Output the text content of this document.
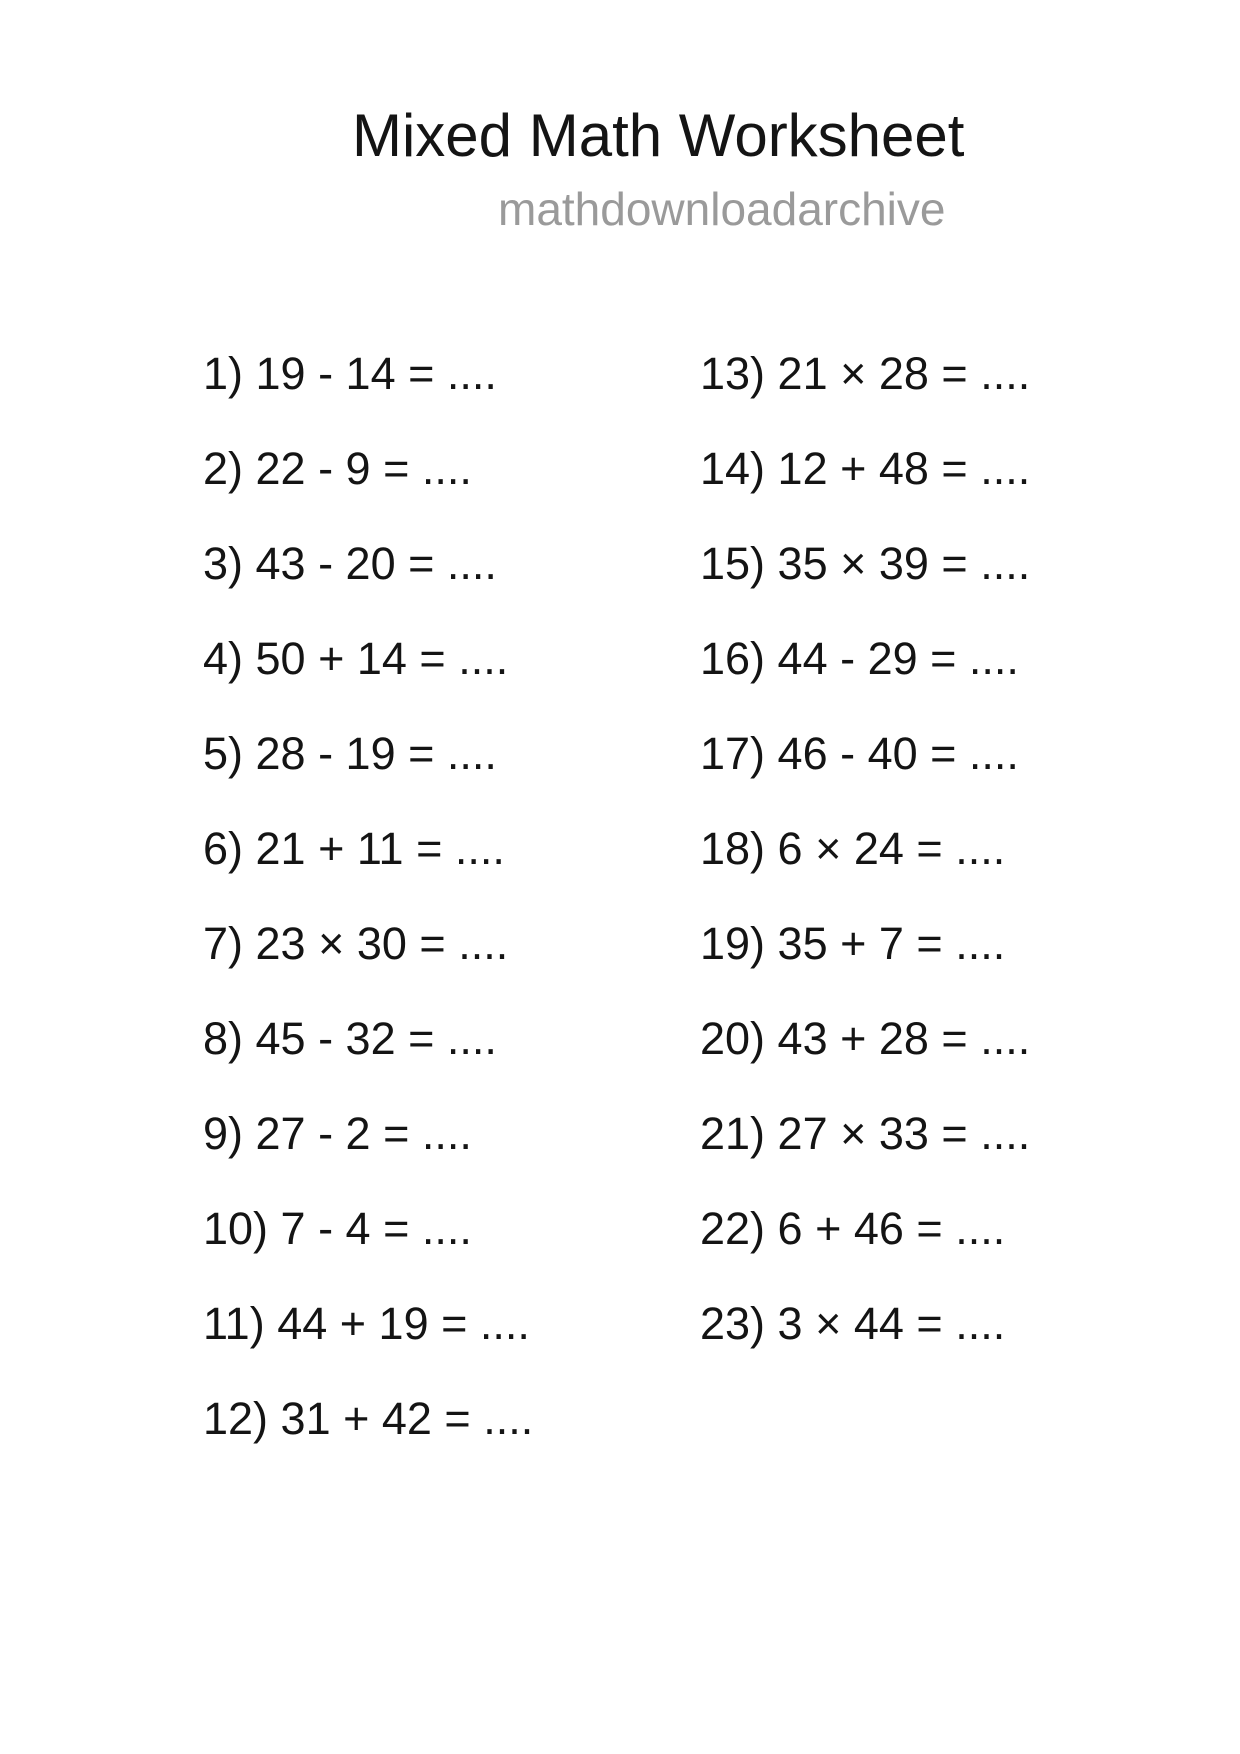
Mixed Math Worksheet
mathdownloadarchive
1) 19 - 14 = ....
2) 22 - 9 = ....
3) 43 - 20 = ....
4) 50 + 14 = ....
5) 28 - 19 = ....
6) 21 + 11 = ....
7) 23 × 30 = ....
8) 45 - 32 = ....
9) 27 - 2 = ....
10) 7 - 4 = ....
11) 44 + 19 = ....
12) 31 + 42 = ....
13) 21 × 28 = ....
14) 12 + 48 = ....
15) 35 × 39 = ....
16) 44 - 29 = ....
17) 46 - 40 = ....
18) 6 × 24 = ....
19) 35 + 7 = ....
20) 43 + 28 = ....
21) 27 × 33 = ....
22) 6 + 46 = ....
23) 3 × 44 = ....
